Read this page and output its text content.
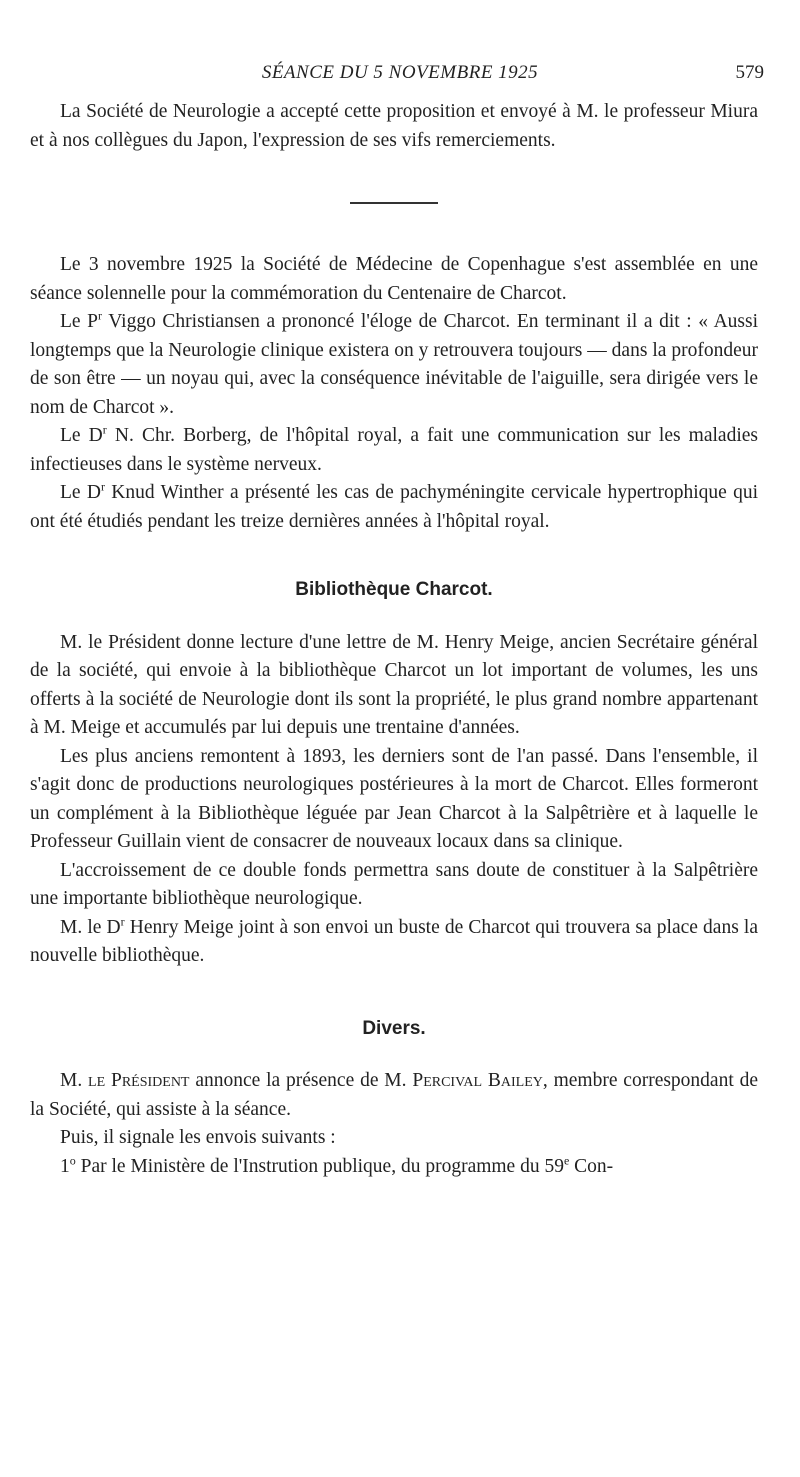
SÉANCE DU 5 NOVEMBRE 1925	579

La Société de Neurologie a accepté cette proposition et envoyé à M. le professeur Miura et à nos collègues du Japon, l'expression de ses vifs remerciements.

Le 3 novembre 1925 la Société de Médecine de Copenhague s'est assemblée en une séance solennelle pour la commémoration du Centenaire de Charcot.

Le $P^r$ Viggo Christiansen a prononcé l'éloge de Charcot. En terminant il a dit : « Aussi longtemps que la Neurologie clinique existera on y retrouvera toujours — dans la profondeur de son être — un noyau qui, avec la conséquence inévitable de l'aiguille, sera dirigée vers le nom de Charcot ».

Le $D^r$ N. Chr. Borberg, de l'hôpital royal, a fait une communication sur les maladies infectieuses dans le système nerveux.

Le $D^r$ Knud Winther a présenté les cas de pachyméningite cervicale hypertrophique qui ont été étudiés pendant les treize dernières années à l'hôpital royal.

Bibliothèque Charcot.

M. le Président donne lecture d'une lettre de M. Henry Meige, ancien Secrétaire général de la société, qui envoie à la bibliothèque Charcot un lot important de volumes, les uns offerts à la société de Neurologie dont ils sont la propriété, le plus grand nombre appartenant à M. Meige et accumulés par lui depuis une trentaine d'années.

Les plus anciens remontent à 1893, les derniers sont de l'an passé. Dans l'ensemble, il s'agit donc de productions neurologiques postérieures à la mort de Charcot. Elles formeront un complément à la Bibliothèque léguée par Jean Charcot à la Salpêtrière et à laquelle le Professeur Guillain vient de consacrer de nouveaux locaux dans sa clinique.

L'accroissement de ce double fonds permettra sans doute de constituer à la Salpêtrière une importante bibliothèque neurologique.

M. le $D^r$ Henry Meige joint à son envoi un buste de Charcot qui trouvera sa place dans la nouvelle bibliothèque.

Divers.

M. le Président annonce la présence de M. Percival Bailey, membre correspondant de la Société, qui assiste à la séance.

Puis, il signale les envois suivants :

1$^o$ Par le Ministère de l'Instrution publique, du programme du 59e Con-
